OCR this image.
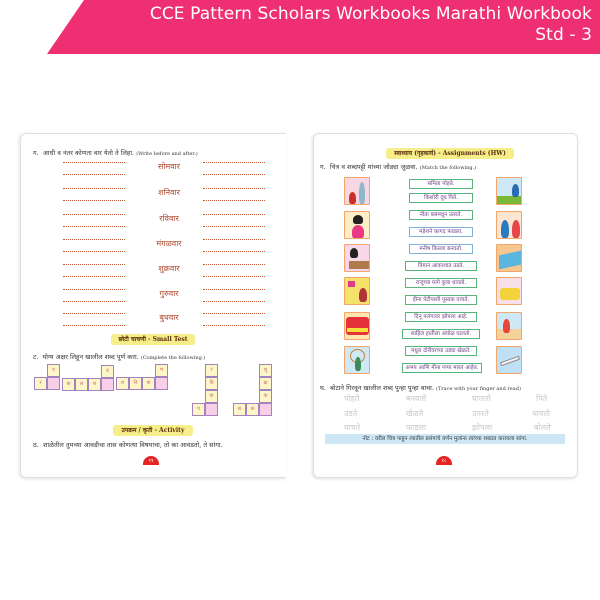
CCE Pattern Scholars Workbooks Marathi Workbook
Std - 3
ग. आधी व नंतर कोणता वार येतो ते लिहा. (Write before and after.)
सोमवार
शनिवार
रविवार
मंगळवार
शुक्रवार
गुरुवार
बुधवार
छोटी चाचणी - Small Test
ट. योग्य अक्षर लिहून खालील शब्द पूर्ण करा. (Complete the following.)
द
र
ड
क	ल	श
भ
श	नि	वा
र
वि
वा
प
शु
क्र
वा
स	क
उपक्रम / कृती - Activity
ठ. शाळेतील तुमच्या आवडीचा तास कोणत्या विषयाचा, तो का आवडतो, ते सांगा.
११
स्वाध्याय (गृहकार्य) - Assignments (HW)
ग. चित्र व शब्दपट्टी यांच्या जोड्या जुळवा. (Match the following.)
समिता पोहते.
किशोरी दूध पिते.
नीता बसमधून उतरते.
महेशने कागद फाडला.
मनीष किल्ला बनवतो.
विमान आकाशात उडते.
राजूच्या मागे कुत्रा धावतो.
हीना पेटीपाशी पुस्तक वाचते.
दिनू पलंगावर झोपला आहे.
साहिल हातीला अंघोळ घालतो.
मधुरा दोरीवरच्या उड्या खेळते.
अभय आणि मीना गप्पा मारत आहेत.
घ. बोटाने गिरवून खालील शब्द पुन्हा पुन्हा वाचा. (Trace with your finger and read)
पोहते	बनवतो	घालतो	पिते
उडते	खेळते	उतरते	धावतो
वाचते	फाडला	झोपला	बोलते
नोट : वरील चित्र पाहून त्यातील प्रसंगाचे वर्णन मुलांना त्यांच्या शब्दात करायला सांगा.
१८
